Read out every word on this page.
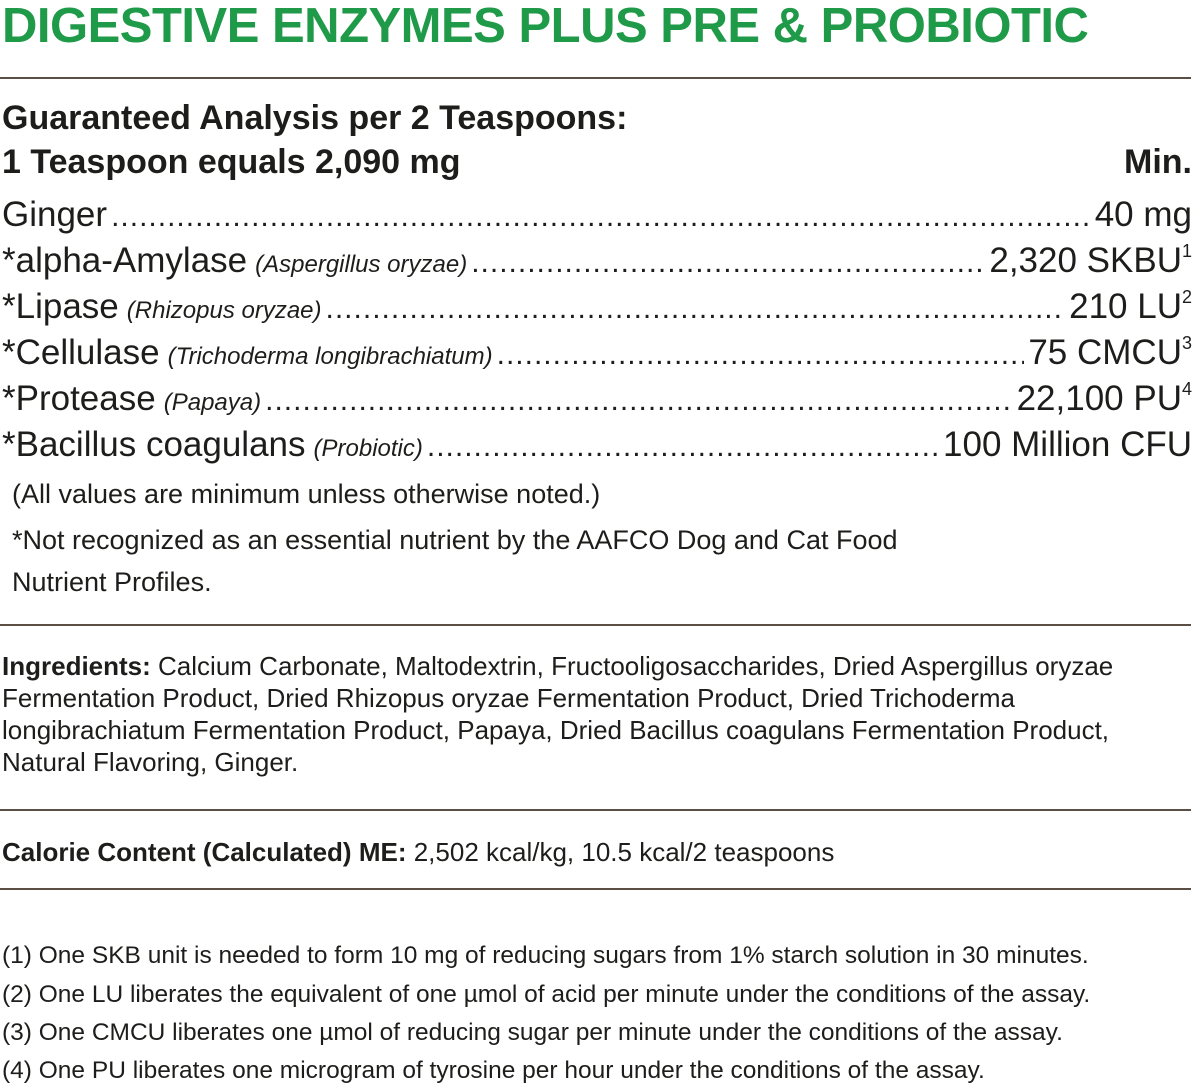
DIGESTIVE ENZYMES PLUS PRE & PROBIOTIC
Guaranteed Analysis per 2 Teaspoons:
1 Teaspoon equals 2,090 mg	Min.
Ginger .....	40 mg
*alpha-Amylase (Aspergillus oryzae) .....	2,320 SKBU$^1$
*Lipase (Rhizopus oryzae) .....	210 $LU^2$
*Cellulase (Trichoderma longibrachiatum) .....	75 CMCU$^3$
*Protease (Papaya) .....	22,100 $PU^4$
*Bacillus coagulans (Probiotic) .....	100 Million CFU
(All values are minimum unless otherwise noted.)
*Not recognized as an essential nutrient by the AAFCO Dog and Cat Food
Nutrient Profiles.
Ingredients: Calcium Carbonate, Maltodextrin, Fructooligosaccharides, Dried Aspergillus oryzae Fermentation Product, Dried Rhizopus oryzae Fermentation Product, Dried Trichoderma longibrachiatum Fermentation Product, Papaya, Dried Bacillus coagulans Fermentation Product, Natural Flavoring, Ginger.
Calorie Content (Calculated) ME: 2,502 kcal/kg, 10.5 kcal/2 teaspoons
(1) One SKB unit is needed to form 10 mg of reducing sugars from 1% starch solution in 30 minutes.
(2) One LU liberates the equivalent of one µmol of acid per minute under the conditions of the assay.
(3) One CMCU liberates one µmol of reducing sugar per minute under the conditions of the assay.
(4) One PU liberates one microgram of tyrosine per hour under the conditions of the assay.
